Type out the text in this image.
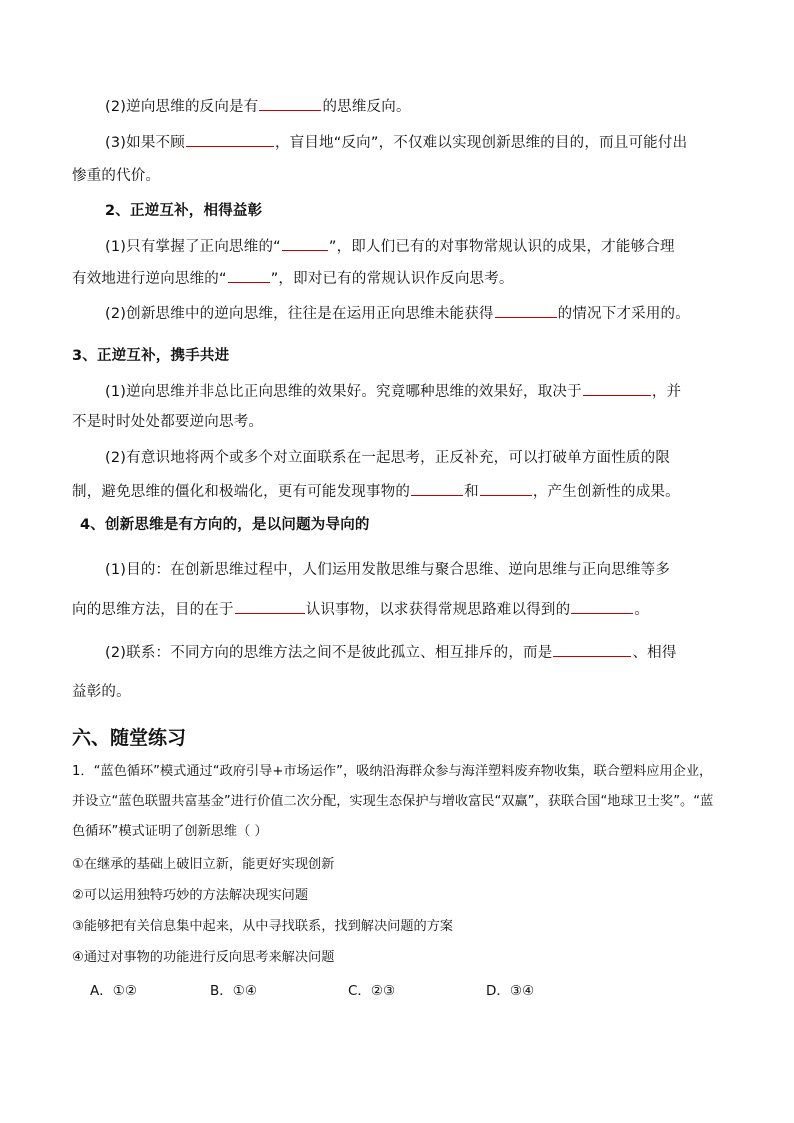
(2)逆向思维的反向是有	的思维反向。

(3)如果不顾	，盲目地“反向”，不仅难以实现创新思维的目的，而且可能付出

惨重的代价。

2、正逆互补，相得益彰

(1)只有掌握了正向思维的“	”，即人们已有的对事物常规认识的成果，才能够合理

有效地进行逆向思维的“	”，即对已有的常规认识作反向思考。

(2)创新思维中的逆向思维，往往是在运用正向思维未能获得	的情况下才采用的。

3、正逆互补，携手共进

(1)逆向思维并非总比正向思维的效果好。究竟哪种思维的效果好，取决于	，并

不是时时处处都要逆向思考。

(2)有意识地将两个或多个对立面联系在一起思考，正反补充，可以打破单方面性质的限

制，避免思维的僵化和极端化，更有可能发现事物的	和	，产生创新性的成果。

4、创新思维是有方向的，是以问题为导向的

(1)目的：在创新思维过程中，人们运用发散思维与聚合思维、逆向思维与正向思维等多

向的思维方法，目的在于	认识事物，以求获得常规思路难以得到的	。

(2)联系：不同方向的思维方法之间不是彼此孤立、相互排斥的，而是	、相得

益彰的。

六、随堂练习

1．“蓝色循环”模式通过“政府引导+市场运作”，吸纳沿海群众参与海洋塑料废弃物收集，联合塑料应用企业，

并设立“蓝色联盟共富基金”进行价值二次分配，实现生态保护与增收富民“双赢”，获联合国“地球卫士奖”。“蓝

色循环”模式证明了创新思维（ ）

①在继承的基础上破旧立新，能更好实现创新

②可以运用独特巧妙的方法解决现实问题

③能够把有关信息集中起来，从中寻找联系，找到解决问题的方案

④通过对事物的功能进行反向思考来解决问题

A．①②	B．①④	C．②③	D．③④
